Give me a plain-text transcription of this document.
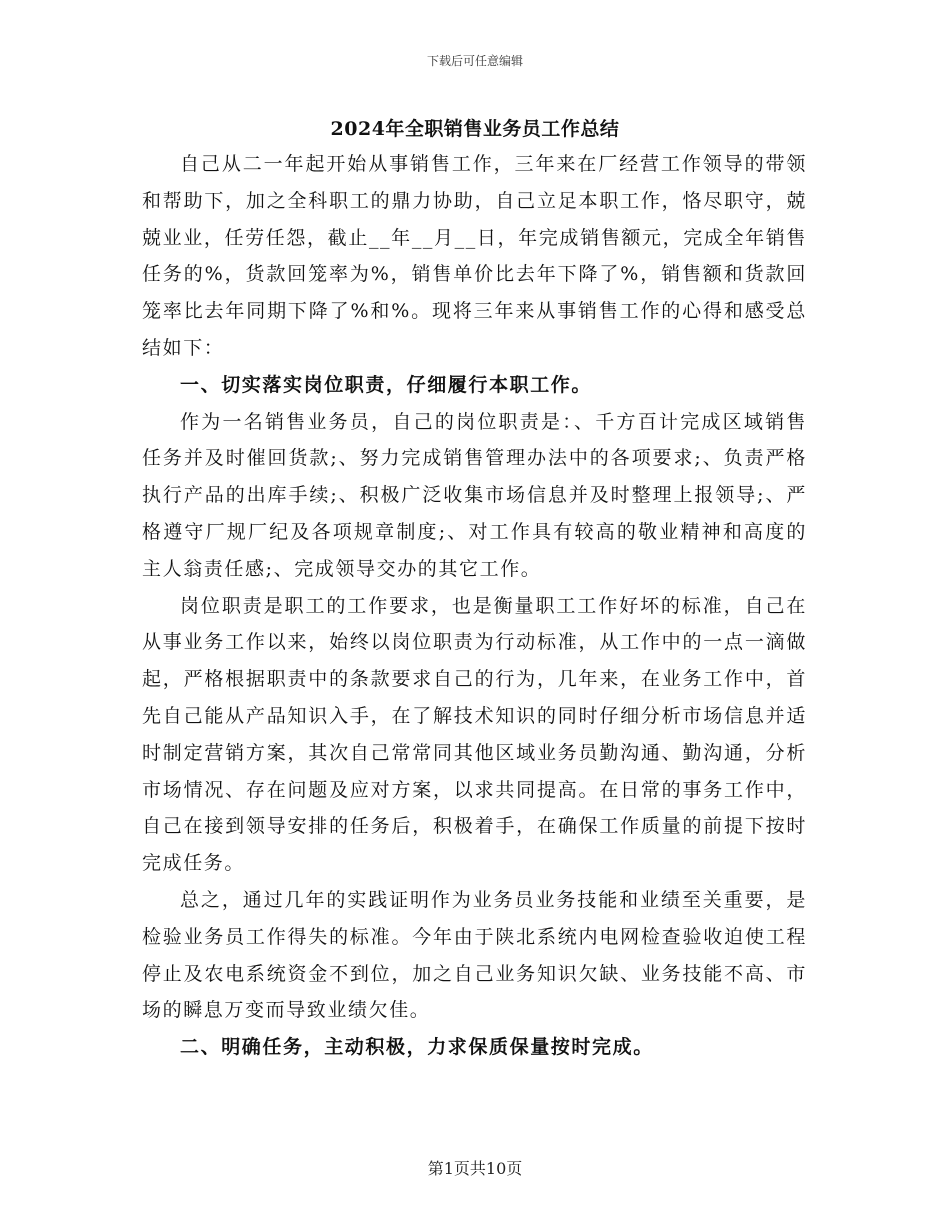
下载后可任意编辑
2024年全职销售业务员工作总结

自己从二一年起开始从事销售工作，三年来在厂经营工作领导的带领和帮助下，加之全科职工的鼎力协助，自己立足本职工作，恪尽职守，兢兢业业，任劳任怨，截止__年__月__日，年完成销售额元，完成全年销售任务的%，货款回笼率为%，销售单价比去年下降了%，销售额和货款回笼率比去年同期下降了%和%。现将三年来从事销售工作的心得和感受总结如下：

一、切实落实岗位职责，仔细履行本职工作。

作为一名销售业务员，自己的岗位职责是：、千方百计完成区域销售任务并及时催回货款;、努力完成销售管理办法中的各项要求;、负责严格执行产品的出库手续;、积极广泛收集市场信息并及时整理上报领导;、严格遵守厂规厂纪及各项规章制度;、对工作具有较高的敬业精神和高度的主人翁责任感;、完成领导交办的其它工作。

岗位职责是职工的工作要求，也是衡量职工工作好坏的标准，自己在从事业务工作以来，始终以岗位职责为行动标准，从工作中的一点一滴做起，严格根据职责中的条款要求自己的行为，几年来，在业务工作中，首先自己能从产品知识入手，在了解技术知识的同时仔细分析市场信息并适时制定营销方案，其次自己常常同其他区域业务员勤沟通、勤沟通，分析市场情况、存在问题及应对方案，以求共同提高。在日常的事务工作中，自己在接到领导安排的任务后，积极着手，在确保工作质量的前提下按时完成任务。

总之，通过几年的实践证明作为业务员业务技能和业绩至关重要，是检验业务员工作得失的标准。今年由于陕北系统内电网检查验收迫使工程停止及农电系统资金不到位，加之自己业务知识欠缺、业务技能不高、市场的瞬息万变而导致业绩欠佳。

二、明确任务，主动积极，力求保质保量按时完成。
第1页共10页
